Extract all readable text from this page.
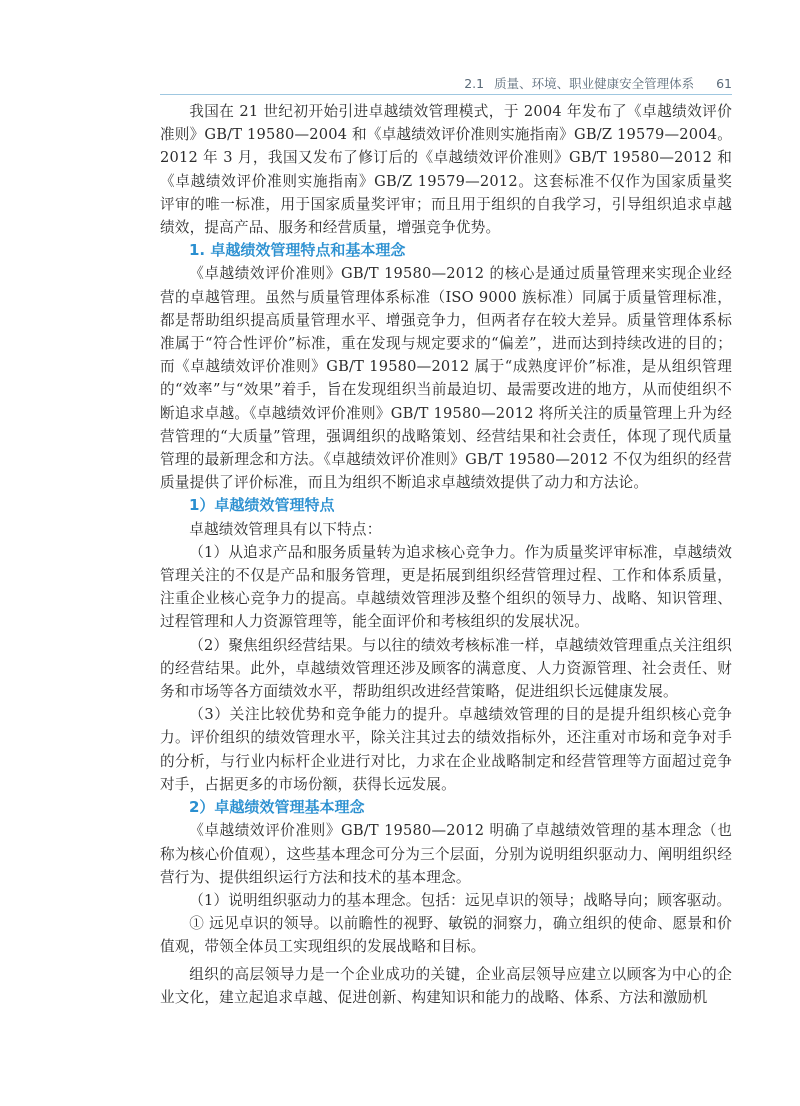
2.1 质量、环境、职业健康安全管理体系 61

我国在 21 世纪初开始引进卓越绩效管理模式，于 2004 年发布了《卓越绩效评价准则》GB/T 19580—2004 和《卓越绩效评价准则实施指南》GB/Z 19579—2004。2012 年 3 月，我国又发布了修订后的《卓越绩效评价准则》GB/T 19580—2012 和《卓越绩效评价准则实施指南》GB/Z 19579—2012。这套标准不仅作为国家质量奖评审的唯一标准，用于国家质量奖评审；而且用于组织的自我学习，引导组织追求卓越绩效，提高产品、服务和经营质量，增强竞争优势。

1. 卓越绩效管理特点和基本理念

《卓越绩效评价准则》GB/T 19580—2012 的核心是通过质量管理来实现企业经营的卓越管理。虽然与质量管理体系标准（ISO 9000 族标准）同属于质量管理标准，都是帮助组织提高质量管理水平、增强竞争力，但两者存在较大差异。质量管理体系标准属于“符合性评价”标准，重在发现与规定要求的“偏差”，进而达到持续改进的目的；而《卓越绩效评价准则》GB/T 19580—2012 属于“成熟度评价”标准，是从组织管理的“效率”与“效果”着手，旨在发现组织当前最迫切、最需要改进的地方，从而使组织不断追求卓越。《卓越绩效评价准则》GB/T 19580—2012 将所关注的质量管理上升为经营管理的“大质量”管理，强调组织的战略策划、经营结果和社会责任，体现了现代质量管理的最新理念和方法。《卓越绩效评价准则》GB/T 19580—2012 不仅为组织的经营质量提供了评价标准，而且为组织不断追求卓越绩效提供了动力和方法论。

1）卓越绩效管理特点

卓越绩效管理具有以下特点：

（1）从追求产品和服务质量转为追求核心竞争力。作为质量奖评审标准，卓越绩效管理关注的不仅是产品和服务管理，更是拓展到组织经营管理过程、工作和体系质量，注重企业核心竞争力的提高。卓越绩效管理涉及整个组织的领导力、战略、知识管理、过程管理和人力资源管理等，能全面评价和考核组织的发展状况。

（2）聚焦组织经营结果。与以往的绩效考核标准一样，卓越绩效管理重点关注组织的经营结果。此外，卓越绩效管理还涉及顾客的满意度、人力资源管理、社会责任、财务和市场等各方面绩效水平，帮助组织改进经营策略，促进组织长远健康发展。

（3）关注比较优势和竞争能力的提升。卓越绩效管理的目的是提升组织核心竞争力。评价组织的绩效管理水平，除关注其过去的绩效指标外，还注重对市场和竞争对手的分析，与行业内标杆企业进行对比，力求在企业战略制定和经营管理等方面超过竞争对手，占据更多的市场份额，获得长远发展。

2）卓越绩效管理基本理念

《卓越绩效评价准则》GB/T 19580—2012 明确了卓越绩效管理的基本理念（也称为核心价值观），这些基本理念可分为三个层面，分别为说明组织驱动力、阐明组织经营行为、提供组织运行方法和技术的基本理念。

（1）说明组织驱动力的基本理念。包括：远见卓识的领导；战略导向；顾客驱动。

① 远见卓识的领导。以前瞻性的视野、敏锐的洞察力，确立组织的使命、愿景和价值观，带领全体员工实现组织的发展战略和目标。

组织的高层领导力是一个企业成功的关键，企业高层领导应建立以顾客为中心的企业文化，建立起追求卓越、促进创新、构建知识和能力的战略、体系、方法和激励机
